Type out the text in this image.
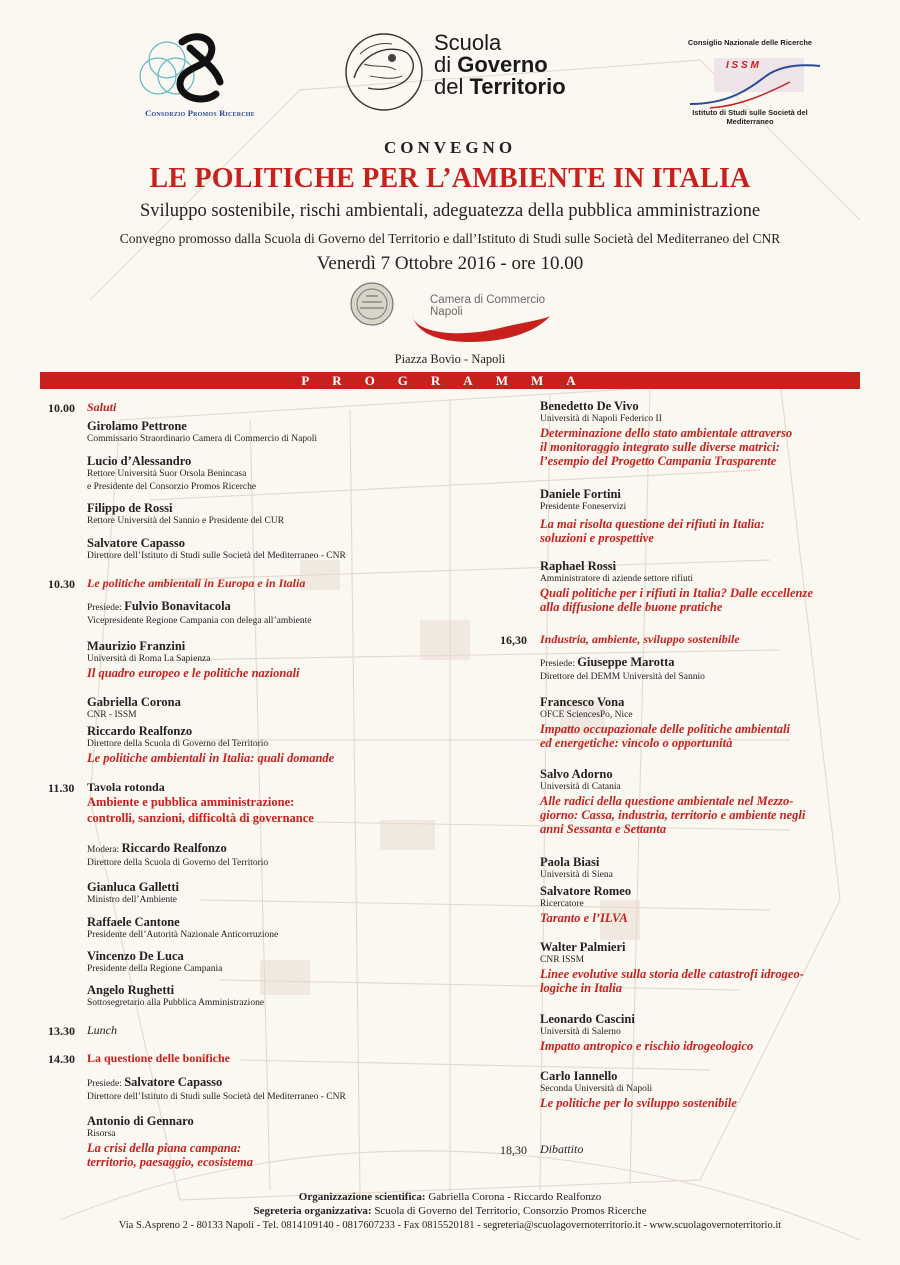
Consorzio Promos Ricerche
Scuola
di Governo
del Territorio
Consiglio Nazionale delle Ricerche
I S S M
Istituto di Studi sulle Società del Mediterraneo
CONVEGNO
LE POLITICHE PER L’AMBIENTE IN ITALIA
Sviluppo sostenibile, rischi ambientali, adeguatezza della pubblica amministrazione
Convegno promosso dalla Scuola di Governo del Territorio e dall’Istituto di Studi sulle Società del Mediterraneo del CNR
Venerdì 7 Ottobre 2016 - ore 10.00
Camera di Commercio
Napoli
Piazza Bovio - Napoli
PROGRAMMA
10.00 Saluti
Girolamo Pettrone
Commissario Straordinario Camera di Commercio di Napoli
Lucio d’Alessandro
Rettore Università Suor Orsola Benincasa
e Presidente del Consorzio Promos Ricerche
Filippo de Rossi
Rettore Università del Sannio e Presidente del CUR
Salvatore Capasso
Direttore dell’Istituto di Studi sulle Società del Mediterraneo - CNR
10.30 Le politiche ambientali in Europa e in Italia
Presiede: Fulvio Bonavitacola
Vicepresidente Regione Campania con delega all’ambiente
Maurizio Franzini
Università di Roma La Sapienza
Il quadro europeo e le politiche nazionali
Gabriella Corona
CNR - ISSM
Riccardo Realfonzo
Direttore della Scuola di Governo del Territorio
Le politiche ambientali in Italia: quali domande
11.30 Tavola rotonda
Ambiente e pubblica amministrazione:
controlli, sanzioni, difficoltà di governance
Modera: Riccardo Realfonzo
Direttore della Scuola di Governo del Territorio
Gianluca Galletti
Ministro dell’Ambiente
Raffaele Cantone
Presidente dell’Autorità Nazionale Anticorruzione
Vincenzo De Luca
Presidente della Regione Campania
Angelo Rughetti
Sottosegretario alla Pubblica Amministrazione
13.30 Lunch
14.30 La questione delle bonifiche
Presiede: Salvatore Capasso
Direttore dell’Istituto di Studi sulle Società del Mediterraneo - CNR
Antonio di Gennaro
Risorsa
La crisi della piana campana:
territorio, paesaggio, ecosistema
Benedetto De Vivo
Università di Napoli Federico II
Determinazione dello stato ambientale attraverso
il monitoraggio integrato sulle diverse matrici:
l’esempio del Progetto Campania Trasparente
Daniele Fortini
Presidente Foneservizi
La mai risolta questione dei rifiuti in Italia:
soluzioni e prospettive
Raphael Rossi
Amministratore di aziende settore rifiuti
Quali politiche per i rifiuti in Italia? Dalle eccellenze
alla diffusione delle buone pratiche
16,30 Industria, ambiente, sviluppo sostenibile
Presiede: Giuseppe Marotta
Direttore del DEMM Università del Sannio
Francesco Vona
OFCE SciencesPo, Nice
Impatto occupazionale delle politiche ambientali
ed energetiche: vincolo o opportunità
Salvo Adorno
Università di Catania
Alle radici della questione ambientale nel Mezzo-
giorno: Cassa, industria, territorio e ambiente negli
anni Sessanta e Settanta
Paola Biasi
Università di Siena
Salvatore Romeo
Ricercatore
Taranto e l’ILVA
Walter Palmieri
CNR ISSM
Linee evolutive sulla storia delle catastrofi idrogeo-
logiche in Italia
Leonardo Cascini
Università di Salerno
Impatto antropico e rischio idrogeologico
Carlo Iannello
Seconda Università di Napoli
Le politiche per lo sviluppo sostenibile
18,30 Dibattito
Organizzazione scientifica: Gabriella Corona - Riccardo Realfonzo
Segreteria organizzativa: Scuola di Governo del Territorio, Consorzio Promos Ricerche
Via S.Aspreno 2 - 80133 Napoli - Tel. 0814109140 - 0817607233 - Fax 0815520181 - segreteria@scuolagovernoterritorio.it - www.scuolagovernoterritorio.it
